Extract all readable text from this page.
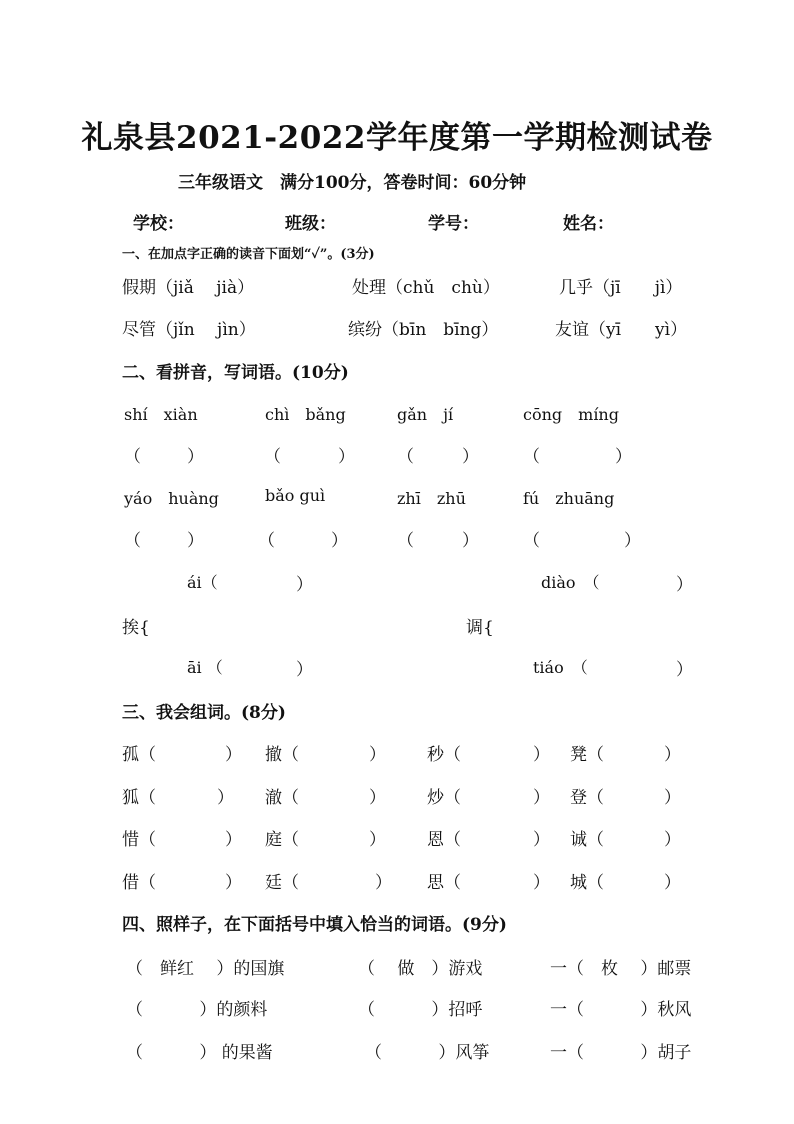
礼泉县2021-2022学年度第一学期检测试卷
三年级语文　满分100分，答卷时间：60分钟
学校：	班级：	学号：	姓名：
一、在加点字正确的读音下面划“✓”。(3分)
假期（jiǎ　 jià）	处理（chǔ　chù）	几乎（jī　　jì）
尽管（jǐn　 jìn）	缤纷（bīn　bīng）	友谊（yī　　yì）
二、看拼音，写词语。(10分)
shí　xiàn	chì　bǎng	gǎn　jí	cōng　míng
（	）	（	） （	）	（	）
yáo　huàng	bǎo guì	zhī　zhū	fú　zhuāng
（	）	（	）	（	）	（	）
ái（	）	diào　（	）
挨{	调{
āi （	）	tiáo　（	）
三、我会组词。(8分)
孤（	） 撤（	） 秒（	） 凳（	）
狐（	） 澈（	） 炒（	） 登（	）
惜（	） 庭（	） 恩（	） 诚（	）
借（	） 廷（	） 思（	） 城（	）
四、照样子，在下面括号中填入恰当的词语。(9分)
（　鲜红　 ）的国旗	（　 做　）游戏	一（　枚　 ）邮票
（　　　 ）的颜料	（　　　 ）招呼	一（　　　 ）秋风
（　　　 ） 的果酱	（　　　 ）风筝	一（　　　 ）胡子
